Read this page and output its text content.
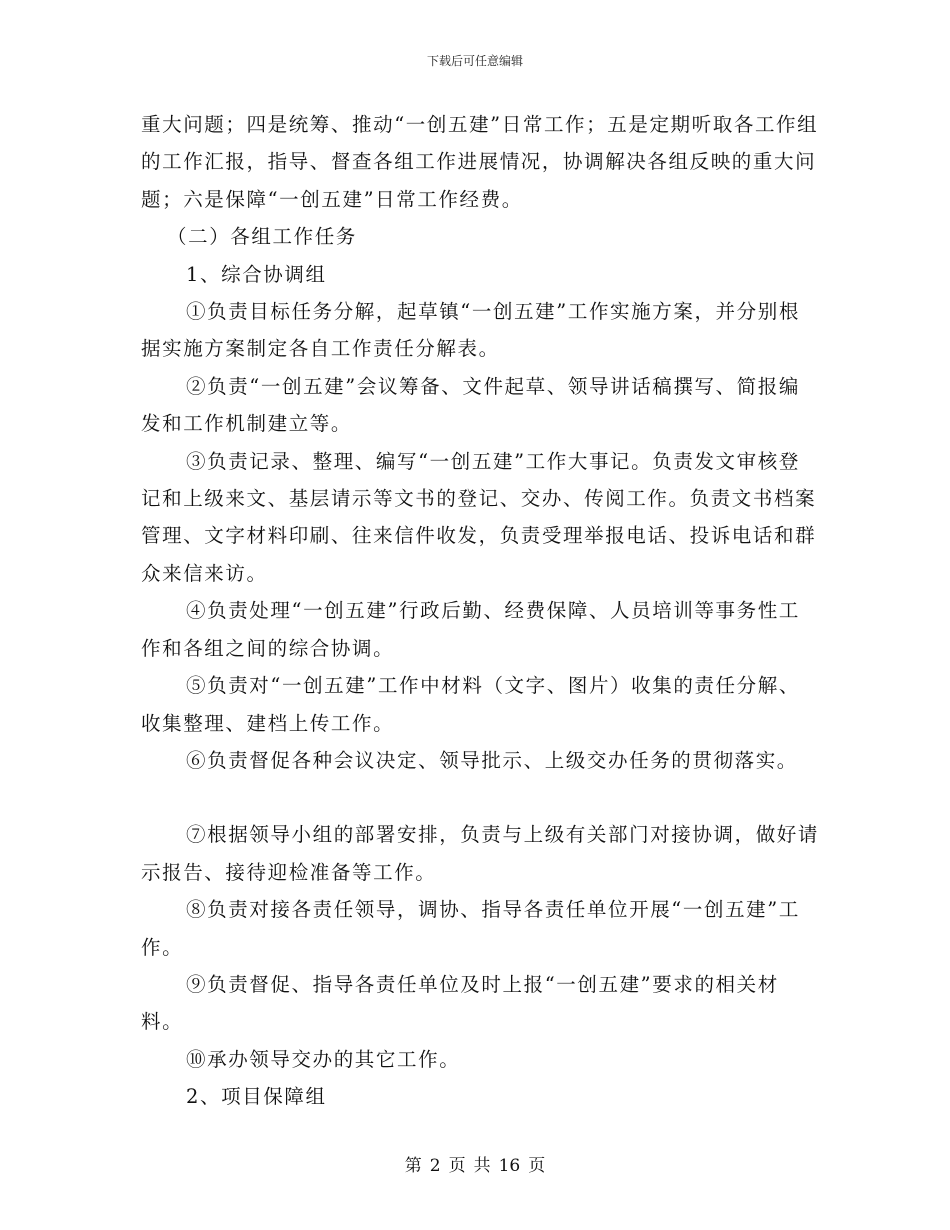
下载后可任意编辑

重大问题；四是统筹、推动“一创五建”日常工作；五是定期听取各工作组的工作汇报，指导、督查各组工作进展情况，协调解决各组反映的重大问题；六是保障“一创五建”日常工作经费。

（二）各组工作任务

1、综合协调组

①负责目标任务分解，起草镇“一创五建”工作实施方案，并分别根据实施方案制定各自工作责任分解表。

②负责“一创五建”会议筹备、文件起草、领导讲话稿撰写、简报编发和工作机制建立等。

③负责记录、整理、编写“一创五建”工作大事记。负责发文审核登记和上级来文、基层请示等文书的登记、交办、传阅工作。负责文书档案管理、文字材料印刷、往来信件收发，负责受理举报电话、投诉电话和群众来信来访。

④负责处理“一创五建”行政后勤、经费保障、人员培训等事务性工作和各组之间的综合协调。

⑤负责对“一创五建”工作中材料（文字、图片）收集的责任分解、收集整理、建档上传工作。

⑥负责督促各种会议决定、领导批示、上级交办任务的贯彻落实。

⑦根据领导小组的部署安排，负责与上级有关部门对接协调，做好请示报告、接待迎检准备等工作。

⑧负责对接各责任领导，调协、指导各责任单位开展“一创五建”工作。

⑨负责督促、指导各责任单位及时上报“一创五建”要求的相关材料。

⑩承办领导交办的其它工作。

2、项目保障组

第 2 页 共 16 页
